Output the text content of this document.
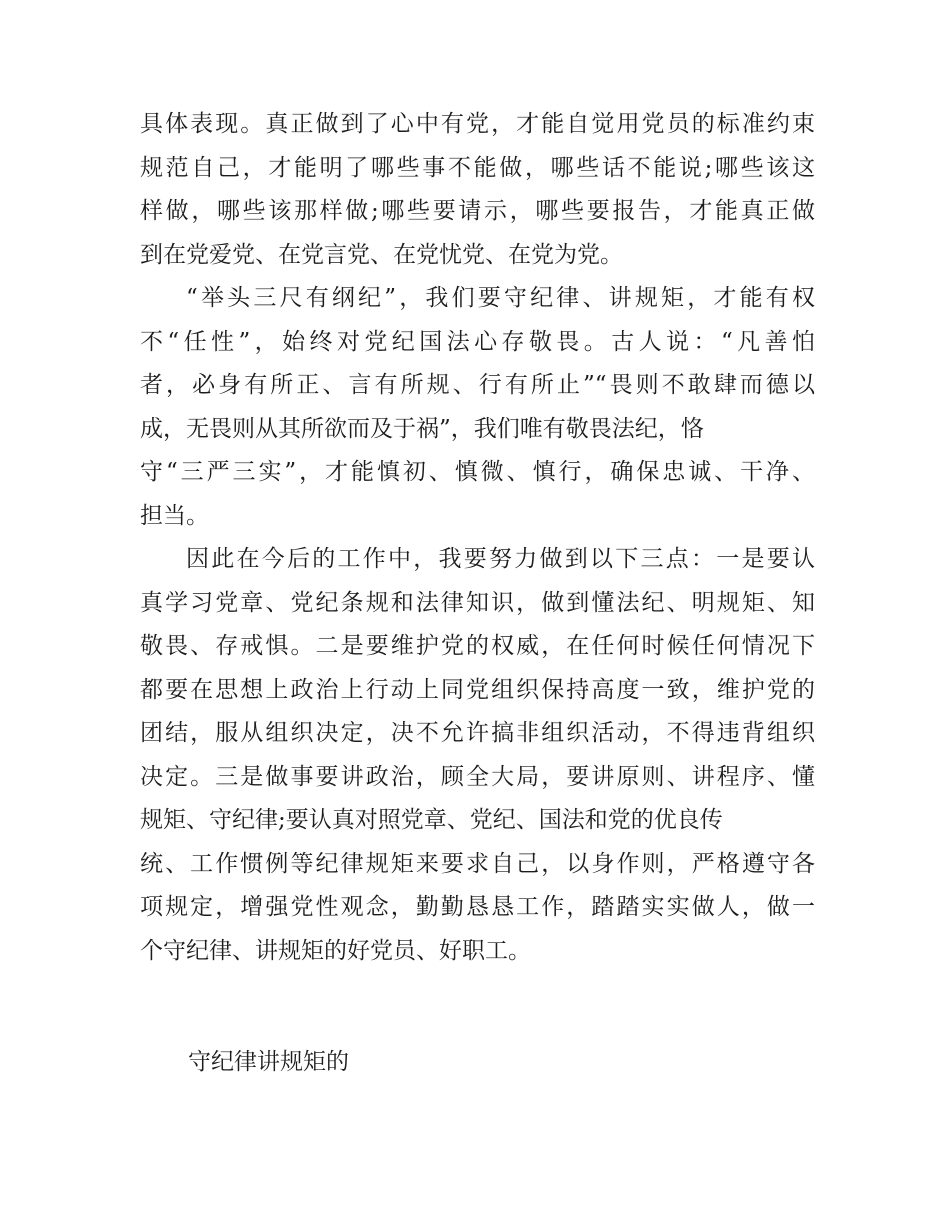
具体表现。真正做到了心中有党，才能自觉用党员的标准约束
规范自己，才能明了哪些事不能做，哪些话不能说;哪些该这
样做，哪些该那样做;哪些要请示，哪些要报告，才能真正做
到在党爱党、在党言党、在党忧党、在党为党。
“举头三尺有纲纪”，我们要守纪律、讲规矩，才能有权
不“任性”，始终对党纪国法心存敬畏。古人说：“凡善怕
者，必身有所正、言有所规、行有所止”“畏则不敢肆而德以
成，无畏则从其所欲而及于祸”，我们唯有敬畏法纪，恪
守“三严三实”，才能慎初、慎微、慎行，确保忠诚、干净、
担当。
因此在今后的工作中，我要努力做到以下三点：一是要认
真学习党章、党纪条规和法律知识，做到懂法纪、明规矩、知
敬畏、存戒惧。二是要维护党的权威，在任何时候任何情况下
都要在思想上政治上行动上同党组织保持高度一致，维护党的
团结，服从组织决定，决不允许搞非组织活动，不得违背组织
决定。三是做事要讲政治，顾全大局，要讲原则、讲程序、懂
规矩、守纪律;要认真对照党章、党纪、国法和党的优良传
统、工作惯例等纪律规矩来要求自己，以身作则，严格遵守各
项规定，增强党性观念，勤勤恳恳工作，踏踏实实做人，做一
个守纪律、讲规矩的好党员、好职工。
守纪律讲规矩的
